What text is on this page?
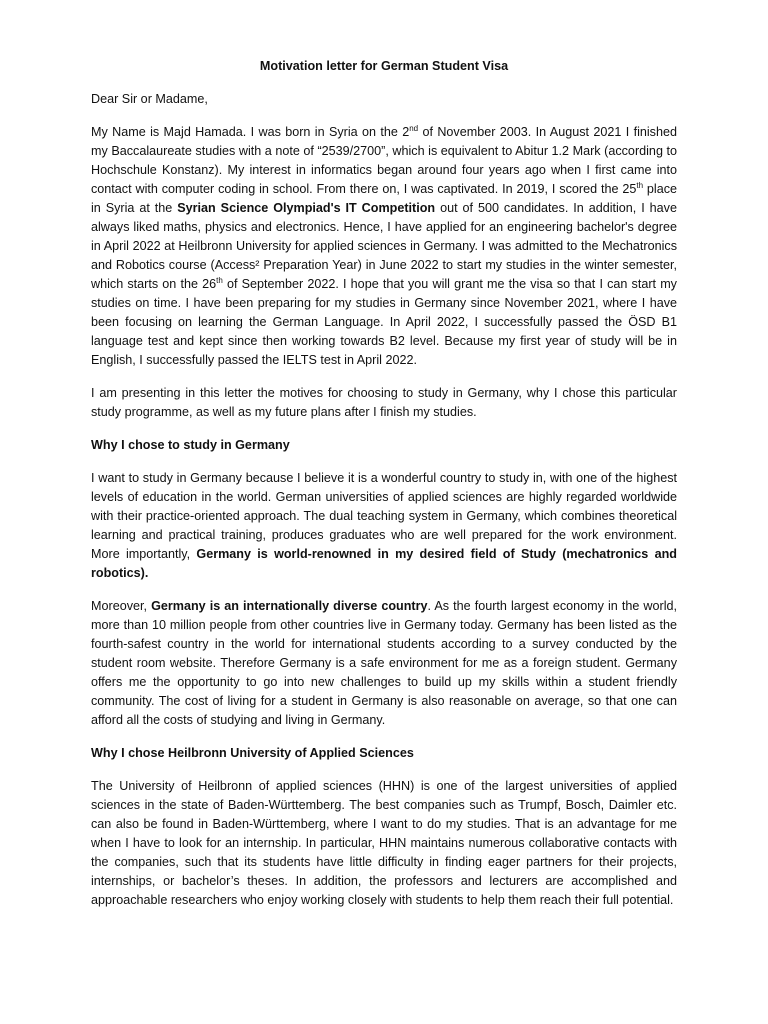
Motivation letter for German Student Visa

Dear Sir or Madame,

My Name is Majd Hamada. I was born in Syria on the 2nd of November 2003. In August 2021 I finished my Baccalaureate studies with a note of “2539/2700”, which is equivalent to Abitur 1.2 Mark (according to Hochschule Konstanz). My interest in informatics began around four years ago when I first came into contact with computer coding in school. From there on, I was captivated. In 2019, I scored the 25th place in Syria at the Syrian Science Olympiad's IT Competition out of 500 candidates. In addition, I have always liked maths, physics and electronics. Hence, I have applied for an engineering bachelor's degree in April 2022 at Heilbronn University for applied sciences in Germany. I was admitted to the Mechatronics and Robotics course (Access² Preparation Year) in June 2022 to start my studies in the winter semester, which starts on the 26th of September 2022. I hope that you will grant me the visa so that I can start my studies on time. I have been preparing for my studies in Germany since November 2021, where I have been focusing on learning the German Language. In April 2022, I successfully passed the ÖSD B1 language test and kept since then working towards B2 level. Because my first year of study will be in English, I successfully passed the IELTS test in April 2022.

I am presenting in this letter the motives for choosing to study in Germany, why I chose this particular study programme, as well as my future plans after I finish my studies.

Why I chose to study in Germany

I want to study in Germany because I believe it is a wonderful country to study in, with one of the highest levels of education in the world. German universities of applied sciences are highly regarded worldwide with their practice-oriented approach. The dual teaching system in Germany, which combines theoretical learning and practical training, produces graduates who are well prepared for the work environment. More importantly, Germany is world-renowned in my desired field of Study (mechatronics and robotics).

Moreover, Germany is an internationally diverse country. As the fourth largest economy in the world, more than 10 million people from other countries live in Germany today. Germany has been listed as the fourth-safest country in the world for international students according to a survey conducted by the student room website. Therefore Germany is a safe environment for me as a foreign student. Germany offers me the opportunity to go into new challenges to build up my skills within a student friendly community. The cost of living for a student in Germany is also reasonable on average, so that one can afford all the costs of studying and living in Germany.

Why I chose Heilbronn University of Applied Sciences

The University of Heilbronn of applied sciences (HHN) is one of the largest universities of applied sciences in the state of Baden-Württemberg. The best companies such as Trumpf, Bosch, Daimler etc. can also be found in Baden-Württemberg, where I want to do my studies. That is an advantage for me when I have to look for an internship. In particular, HHN maintains numerous collaborative contacts with the companies, such that its students have little difficulty in finding eager partners for their projects, internships, or bachelor’s theses. In addition, the professors and lecturers are accomplished and approachable researchers who enjoy working closely with students to help them reach their full potential.
